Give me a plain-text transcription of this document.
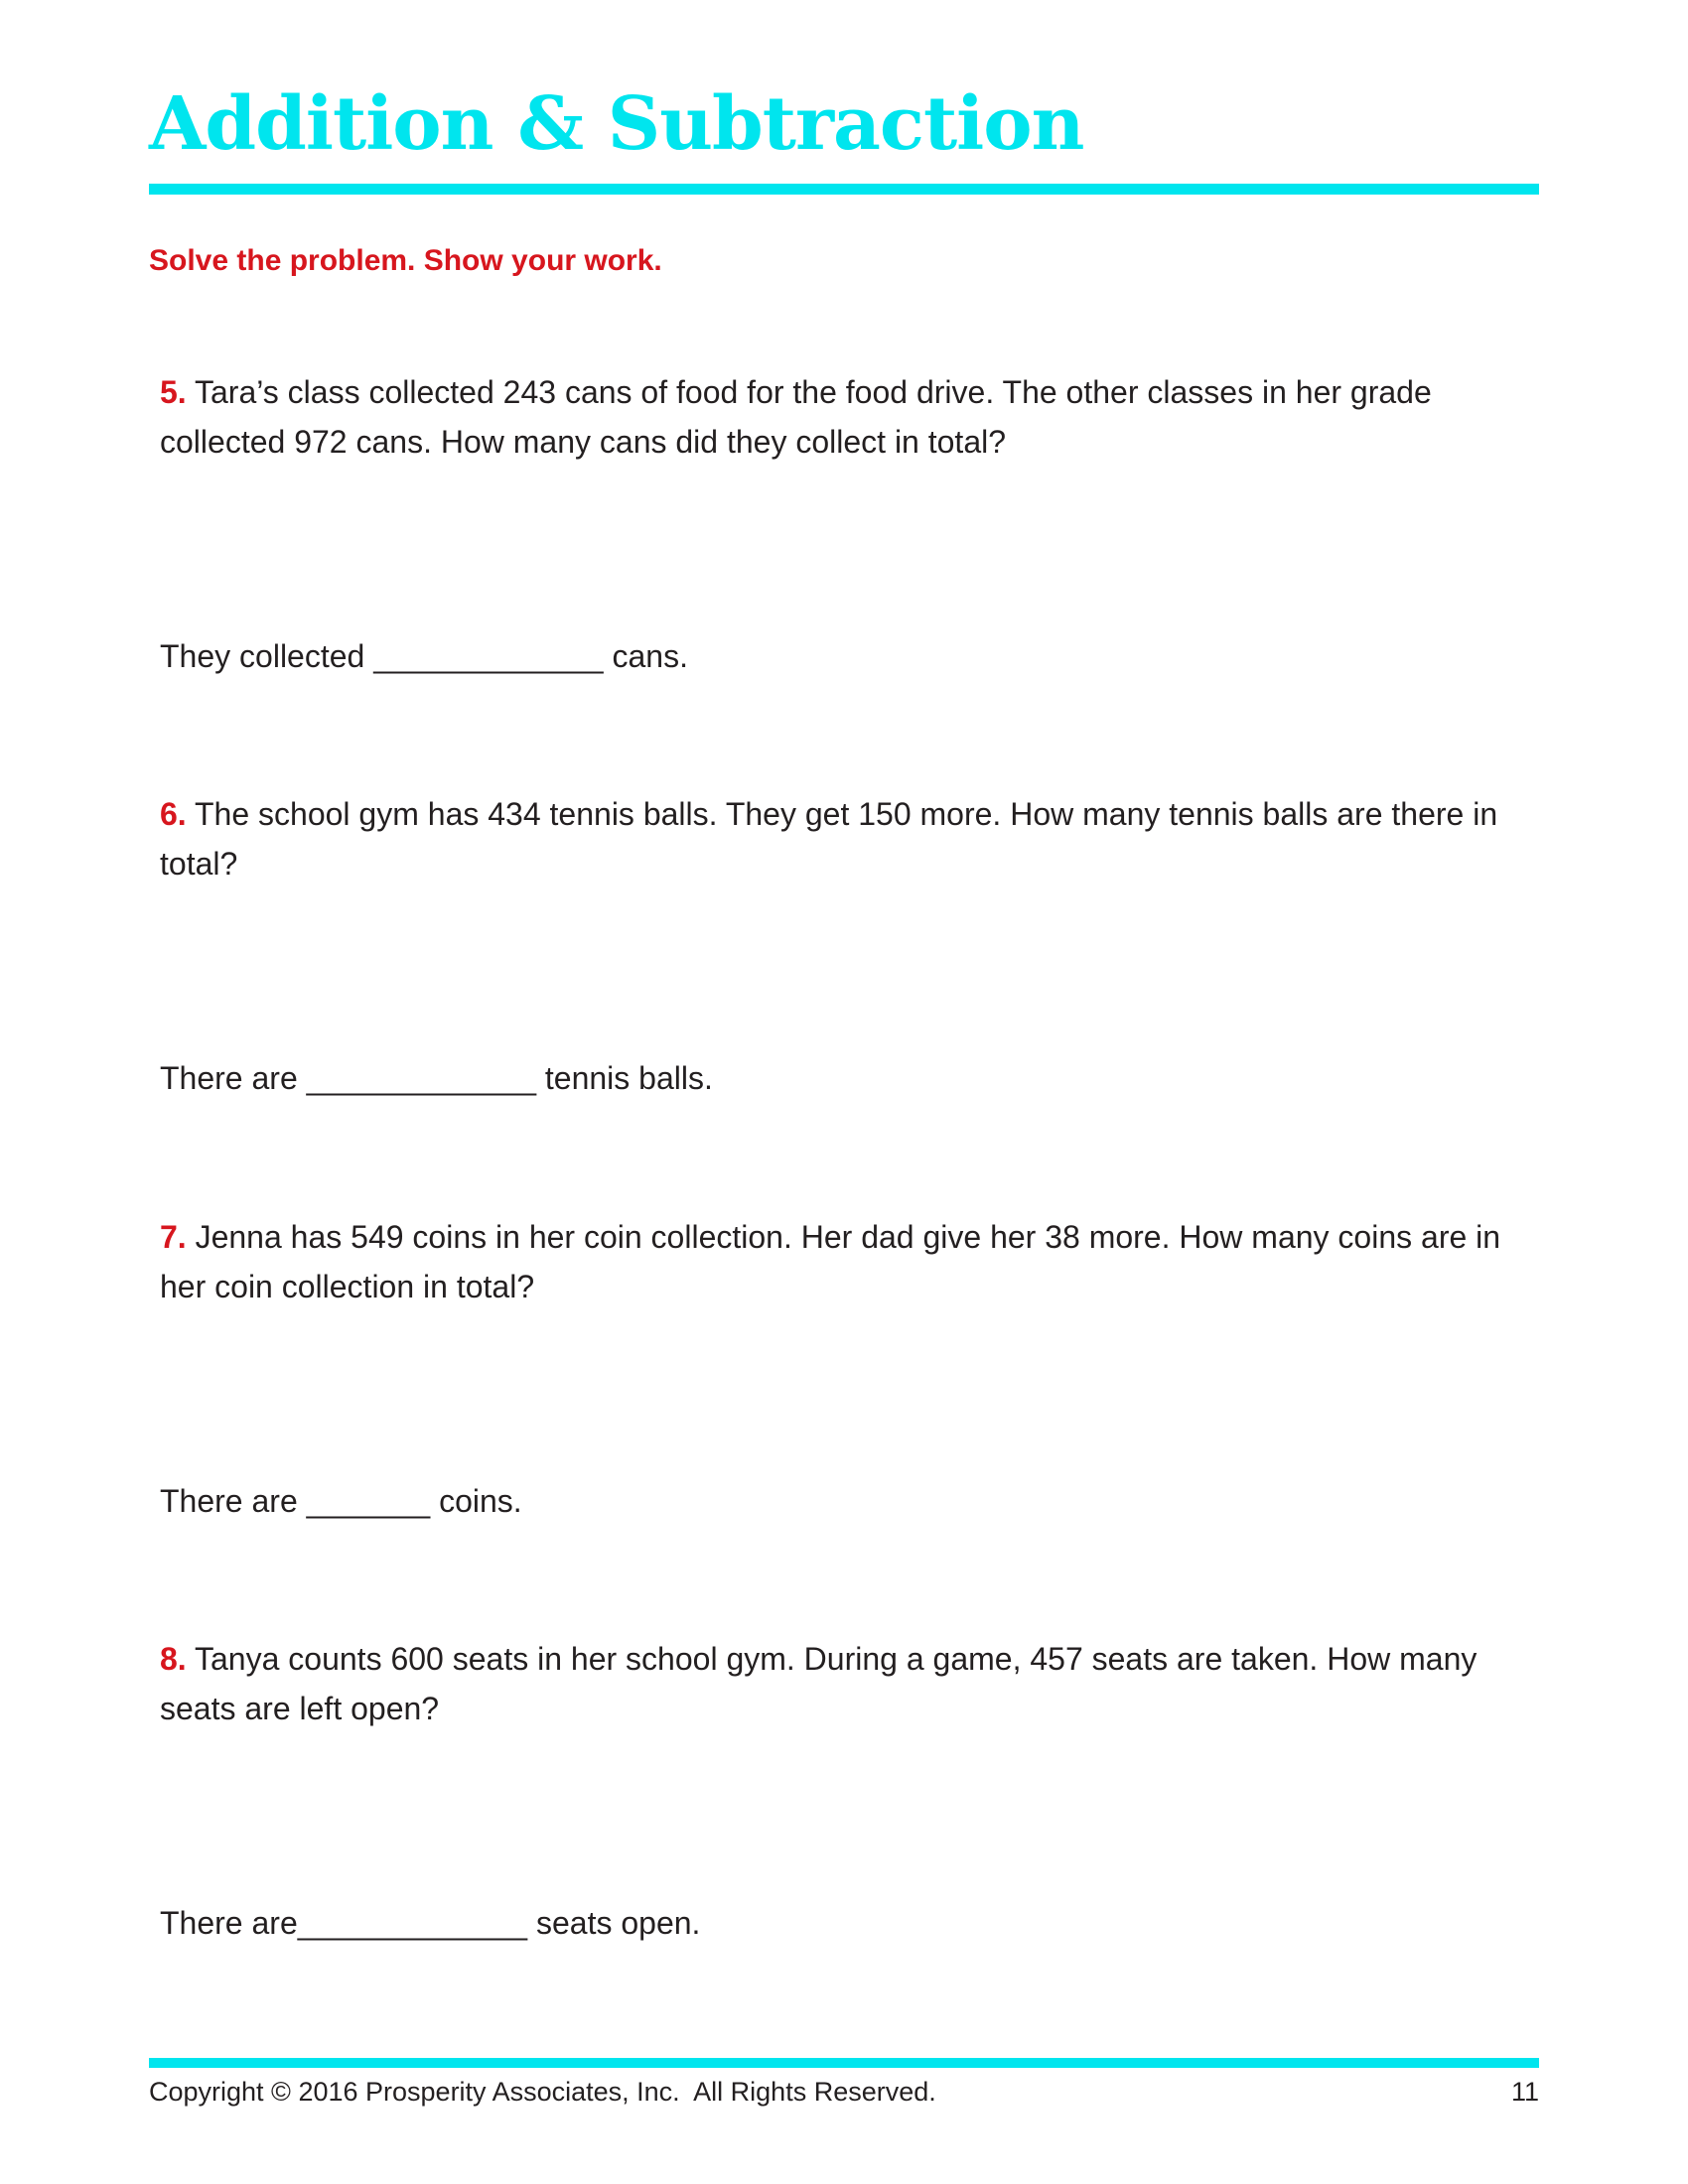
Addition & Subtraction

Solve the problem. Show your work.

5. Tara’s class collected 243 cans of food for the food drive. The other classes in her grade collected 972 cans. How many cans did they collect in total?

They collected _____________ cans.

6. The school gym has 434 tennis balls. They get 150 more. How many tennis balls are there in total?

There are _____________ tennis balls.

7. Jenna has 549 coins in her coin collection. Her dad give her 38 more. How many coins are in her coin collection in total?

There are _______ coins.

8. Tanya counts 600 seats in her school gym. During a game, 457 seats are taken. How many seats are left open?

There are_____________ seats open.

Copyright © 2016 Prosperity Associates, Inc.  All Rights Reserved.	11
